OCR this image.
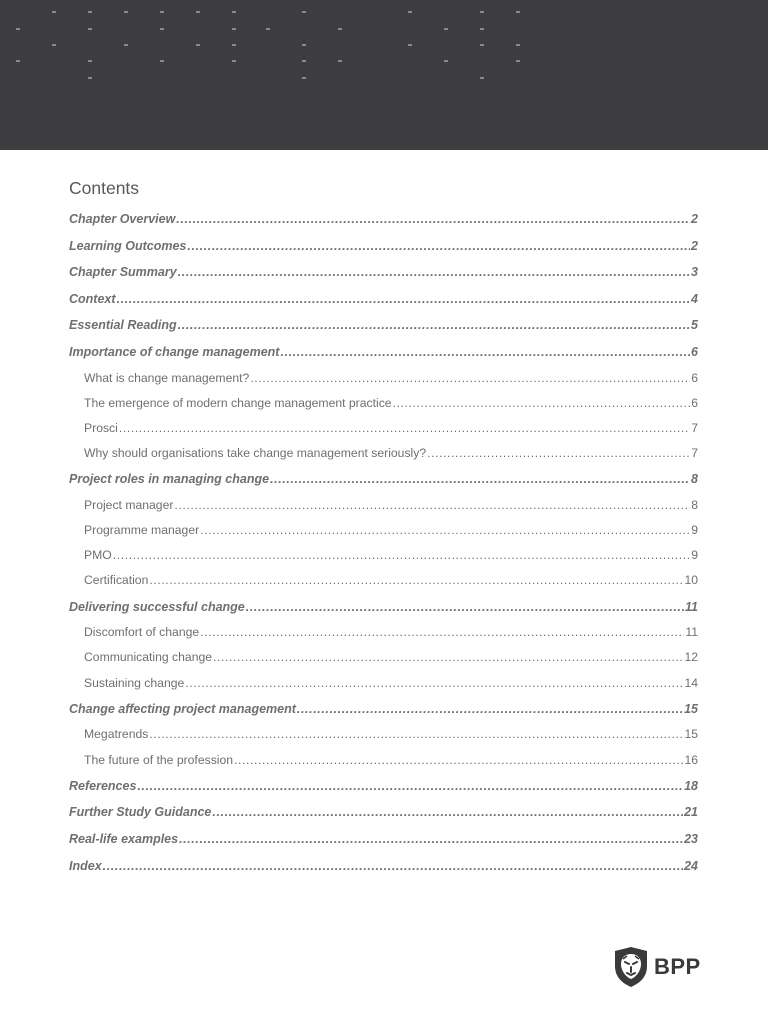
Contents
Chapter Overview .....	2
Learning Outcomes .....	2
Chapter Summary .....	3
Context .....	4
Essential Reading .....	5
Importance of change management .....	6
What is change management? .....	6
The emergence of modern change management practice .....	6
Prosci .....	7
Why should organisations take change management seriously? .....	7
Project roles in managing change .....	8
Project manager .....	8
Programme manager .....	9
PMO .....	9
Certification .....	10
Delivering successful change .....	11
Discomfort of change .....	11
Communicating change .....	12
Sustaining change .....	14
Change affecting project management .....	15
Megatrends .....	15
The future of the profession .....	16
References .....	18
Further Study Guidance .....	21
Real-life examples .....	23
Index .....	24
BPP
